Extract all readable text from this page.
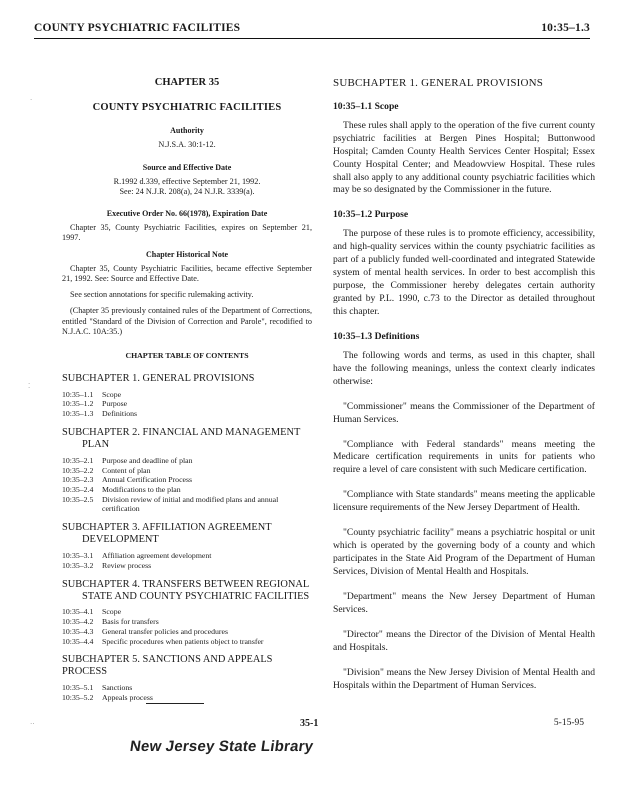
COUNTY PSYCHIATRIC FACILITIES	10:35–1.3
CHAPTER 35
COUNTY PSYCHIATRIC FACILITIES
Authority
N.J.S.A. 30:1-12.
Source and Effective Date
R.1992 d.339, effective September 21, 1992.
See: 24 N.J.R. 208(a), 24 N.J.R. 3339(a).
Executive Order No. 66(1978), Expiration Date
Chapter 35, County Psychiatric Facilities, expires on September 21, 1997.
Chapter Historical Note
Chapter 35, County Psychiatric Facilities, became effective September 21, 1992. See: Source and Effective Date.
See section annotations for specific rulemaking activity.
(Chapter 35 previously contained rules of the Department of Corrections, entitled "Standard of the Division of Correction and Parole", recodified to N.J.A.C. 10A:35.)
CHAPTER TABLE OF CONTENTS
SUBCHAPTER 1. GENERAL PROVISIONS
10:35–1.1	Scope
10:35–1.2	Purpose
10:35–1.3	Definitions
SUBCHAPTER 2. FINANCIAL AND MANAGEMENT
PLAN
10:35–2.1	Purpose and deadline of plan
10:35–2.2	Content of plan
10:35–2.3	Annual Certification Process
10:35–2.4	Modifications to the plan
10:35–2.5	Division review of initial and modified plans and annual certification
SUBCHAPTER 3. AFFILIATION AGREEMENT
DEVELOPMENT
10:35–3.1	Affiliation agreement development
10:35–3.2	Review process
SUBCHAPTER 4. TRANSFERS BETWEEN REGIONAL
STATE AND COUNTY PSYCHIATRIC FACILITIES
10:35–4.1	Scope
10:35–4.2	Basis for transfers
10:35–4.3	General transfer policies and procedures
10:35–4.4	Specific procedures when patients object to transfer
SUBCHAPTER 5. SANCTIONS AND APPEALS PROCESS
10:35–5.1	Sanctions
10:35–5.2	Appeals process
SUBCHAPTER 1. GENERAL PROVISIONS
10:35–1.1 Scope
These rules shall apply to the operation of the five current county psychiatric facilities at Bergen Pines Hospital; Buttonwood Hospital; Camden County Health Services Center Hospital; Essex County Hospital Center; and Meadowview Hospital. These rules shall also apply to any additional county psychiatric facilities which may be so designated by the Commissioner in the future.
10:35–1.2 Purpose
The purpose of these rules is to promote efficiency, accessibility, and high-quality services within the county psychiatric facilities as part of a publicly funded well-coordinated and integrated Statewide system of mental health services. In order to best accomplish this purpose, the Commissioner hereby delegates certain authority granted by P.L. 1990, c.73 to the Director as detailed throughout this chapter.
10:35–1.3 Definitions
The following words and terms, as used in this chapter, shall have the following meanings, unless the context clearly indicates otherwise:
"Commissioner" means the Commissioner of the Department of Human Services.
"Compliance with Federal standards" means meeting the Medicare certification requirements in units for patients who require a level of care consistent with such Medicare certification.
"Compliance with State standards" means meeting the applicable licensure requirements of the New Jersey Department of Health.
"County psychiatric facility" means a psychiatric hospital or unit which is operated by the governing body of a county and which participates in the State Aid Program of the Department of Human Services, Division of Mental Health and Hospitals.
"Department" means the New Jersey Department of Human Services.
"Director" means the Director of the Division of Mental Health and Hospitals.
"Division" means the New Jersey Division of Mental Health and Hospitals within the Department of Human Services.
35-1	5-15-95
New Jersey State Library
·
⁚
‥
